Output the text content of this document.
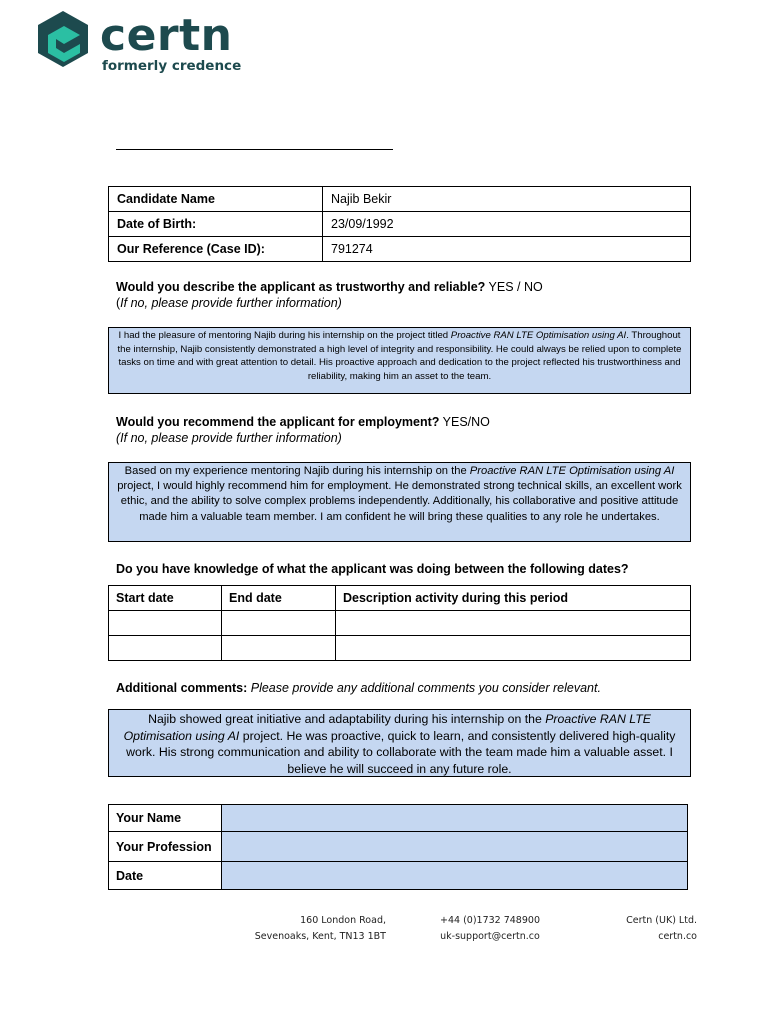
certn
formerly credence
Candidate Name	Najib Bekir
Date of Birth:	23/09/1992
Our Reference (Case ID):	791274
Would you describe the applicant as trustworthy and reliable? YES / NO
(If no, please provide further information)
I had the pleasure of mentoring Najib during his internship on the project titled Proactive RAN LTE Optimisation using AI. Throughout the internship, Najib consistently demonstrated a high level of integrity and responsibility. He could always be relied upon to complete tasks on time and with great attention to detail. His proactive approach and dedication to the project reflected his trustworthiness and reliability, making him an asset to the team.
Would you recommend the applicant for employment? YES/NO
(If no, please provide further information)
Based on my experience mentoring Najib during his internship on the Proactive RAN LTE Optimisation using AI project, I would highly recommend him for employment. He demonstrated strong technical skills, an excellent work ethic, and the ability to solve complex problems independently. Additionally, his collaborative and positive attitude made him a valuable team member. I am confident he will bring these qualities to any role he undertakes.
Do you have knowledge of what the applicant was doing between the following dates?
Start date	End date	Description activity during this period

Additional comments: Please provide any additional comments you consider relevant.
Najib showed great initiative and adaptability during his internship on the Proactive RAN LTE Optimisation using AI project. He was proactive, quick to learn, and consistently delivered high-quality work. His strong communication and ability to collaborate with the team made him a valuable asset. I believe he will succeed in any future role.
Your Name	
Your Profession	
Date	
160 London Road,
Sevenoaks, Kent, TN13 1BT
+44 (0)1732 748900
uk-support@certn.co
Certn (UK) Ltd.
certn.co
